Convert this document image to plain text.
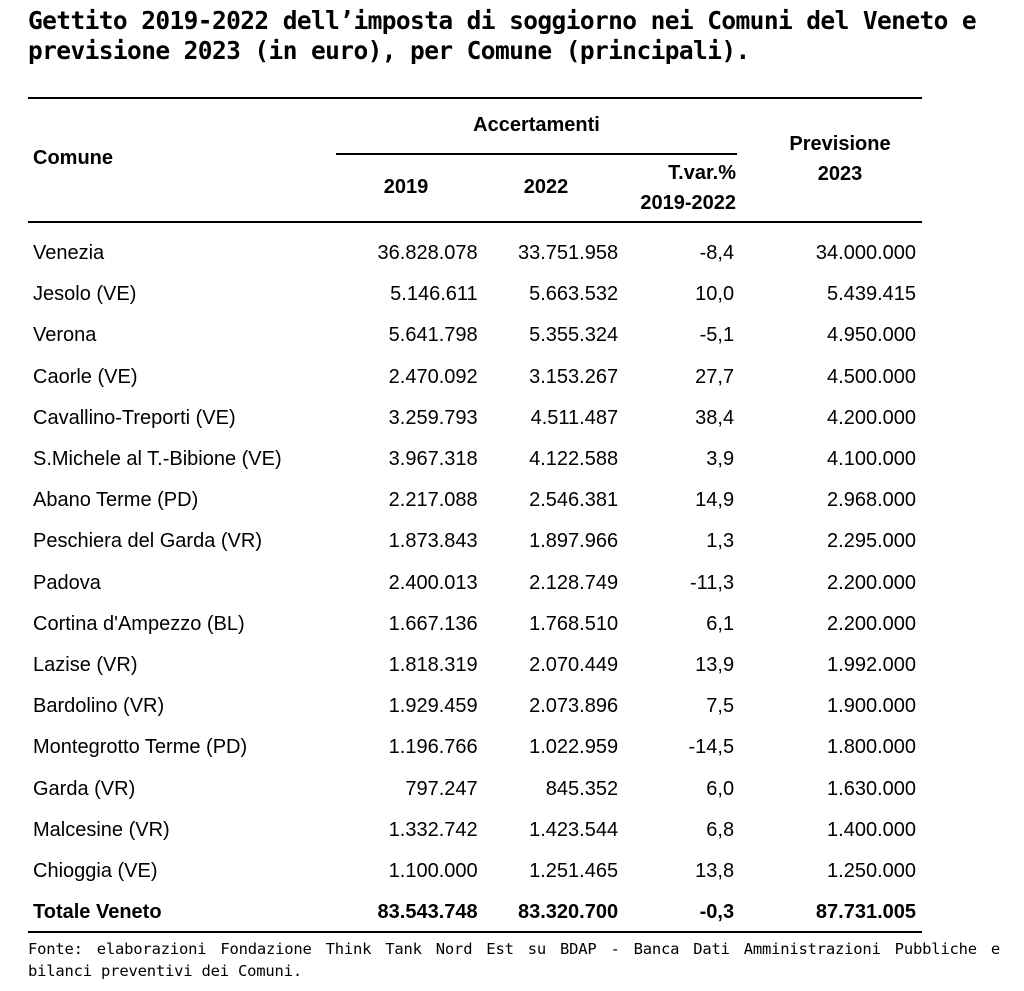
Gettito 2019-2022 dell’imposta di soggiorno nei Comuni del Veneto e previsione 2023 (in euro), per Comune (principali).
Comune
Accertamenti
2019	2022
T.var.%
2019-2022
Previsione
2023
Venezia	36.828.078	33.751.958	-8,4	34.000.000
Jesolo (VE)	5.146.611	5.663.532	10,0	5.439.415
Verona	5.641.798	5.355.324	-5,1	4.950.000
Caorle (VE)	2.470.092	3.153.267	27,7	4.500.000
Cavallino-Treporti (VE)	3.259.793	4.511.487	38,4	4.200.000
S.Michele al T.-Bibione (VE)	3.967.318	4.122.588	3,9	4.100.000
Abano Terme (PD)	2.217.088	2.546.381	14,9	2.968.000
Peschiera del Garda (VR)	1.873.843	1.897.966	1,3	2.295.000
Padova	2.400.013	2.128.749	-11,3	2.200.000
Cortina d'Ampezzo (BL)	1.667.136	1.768.510	6,1	2.200.000
Lazise (VR)	1.818.319	2.070.449	13,9	1.992.000
Bardolino (VR)	1.929.459	2.073.896	7,5	1.900.000
Montegrotto Terme (PD)	1.196.766	1.022.959	-14,5	1.800.000
Garda (VR)	797.247	845.352	6,0	1.630.000
Malcesine (VR)	1.332.742	1.423.544	6,8	1.400.000
Chioggia (VE)	1.100.000	1.251.465	13,8	1.250.000
Totale Veneto	83.543.748	83.320.700	-0,3	87.731.005
Fonte: elaborazioni Fondazione Think Tank Nord Est su BDAP - Banca Dati Amministrazioni Pubbliche e bilanci preventivi dei Comuni.
